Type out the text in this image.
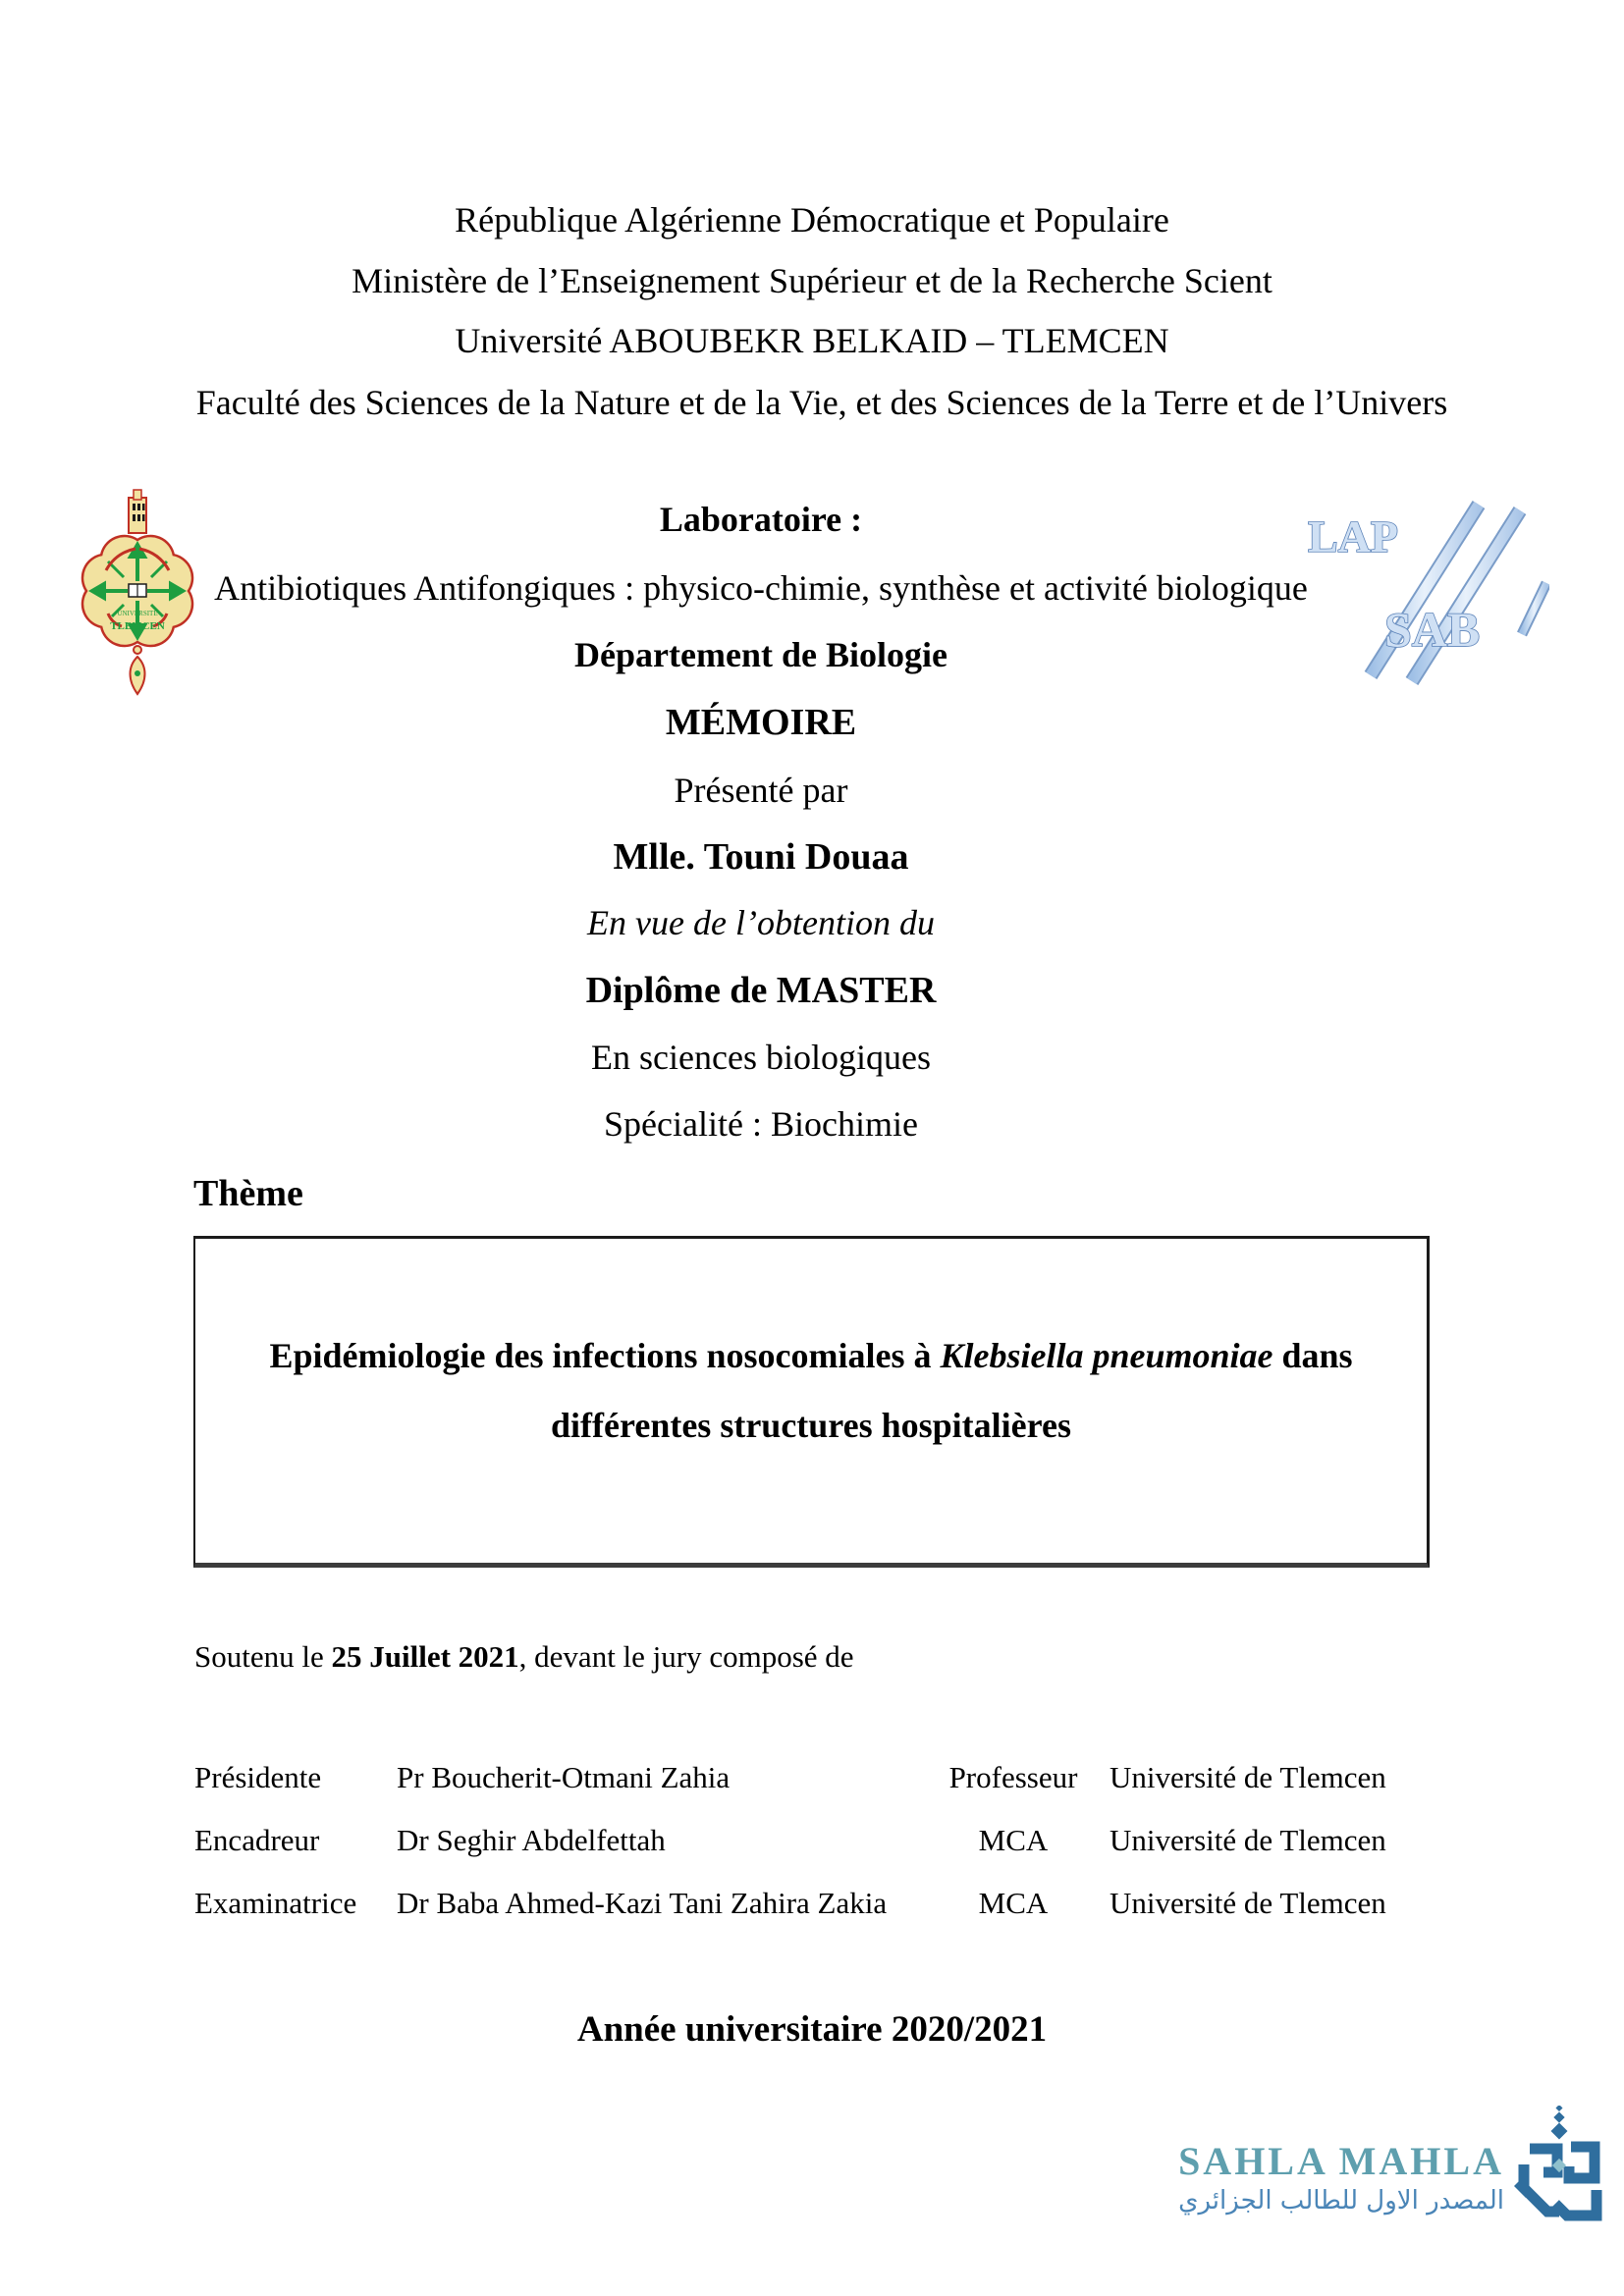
République Algérienne Démocratique et Populaire
Ministère de l’Enseignement Supérieur et de la Recherche Scient
Université ABOUBEKR BELKAID – TLEMCEN
Faculté des Sciences de la Nature et de la Vie, et des Sciences de la Terre et de l’Univers
UNIVERSITE
TLEMCEN
LAP
SAB
Laboratoire :
Antibiotiques Antifongiques : physico-chimie, synthèse et activité biologique
Département de Biologie
MÉMOIRE
Présenté par
Mlle. Touni Douaa
En vue de l’obtention du
Diplôme de MASTER
En sciences biologiques
Spécialité : Biochimie
Thème
Epidémiologie des infections nosocomiales à Klebsiella pneumoniae dans
différentes structures hospitalières
Soutenu le 25 Juillet 2021, devant le jury composé de
Présidente	Pr Boucherit-Otmani Zahia	Professeur	Université de Tlemcen
Encadreur	Dr Seghir Abdelfettah	MCA	Université de Tlemcen
Examinatrice	Dr Baba Ahmed-Kazi Tani Zahira Zakia	MCA	Université de Tlemcen
Année universitaire 2020/2021
SAHLA MAHLA
المصدر الاول للطالب الجزائري
